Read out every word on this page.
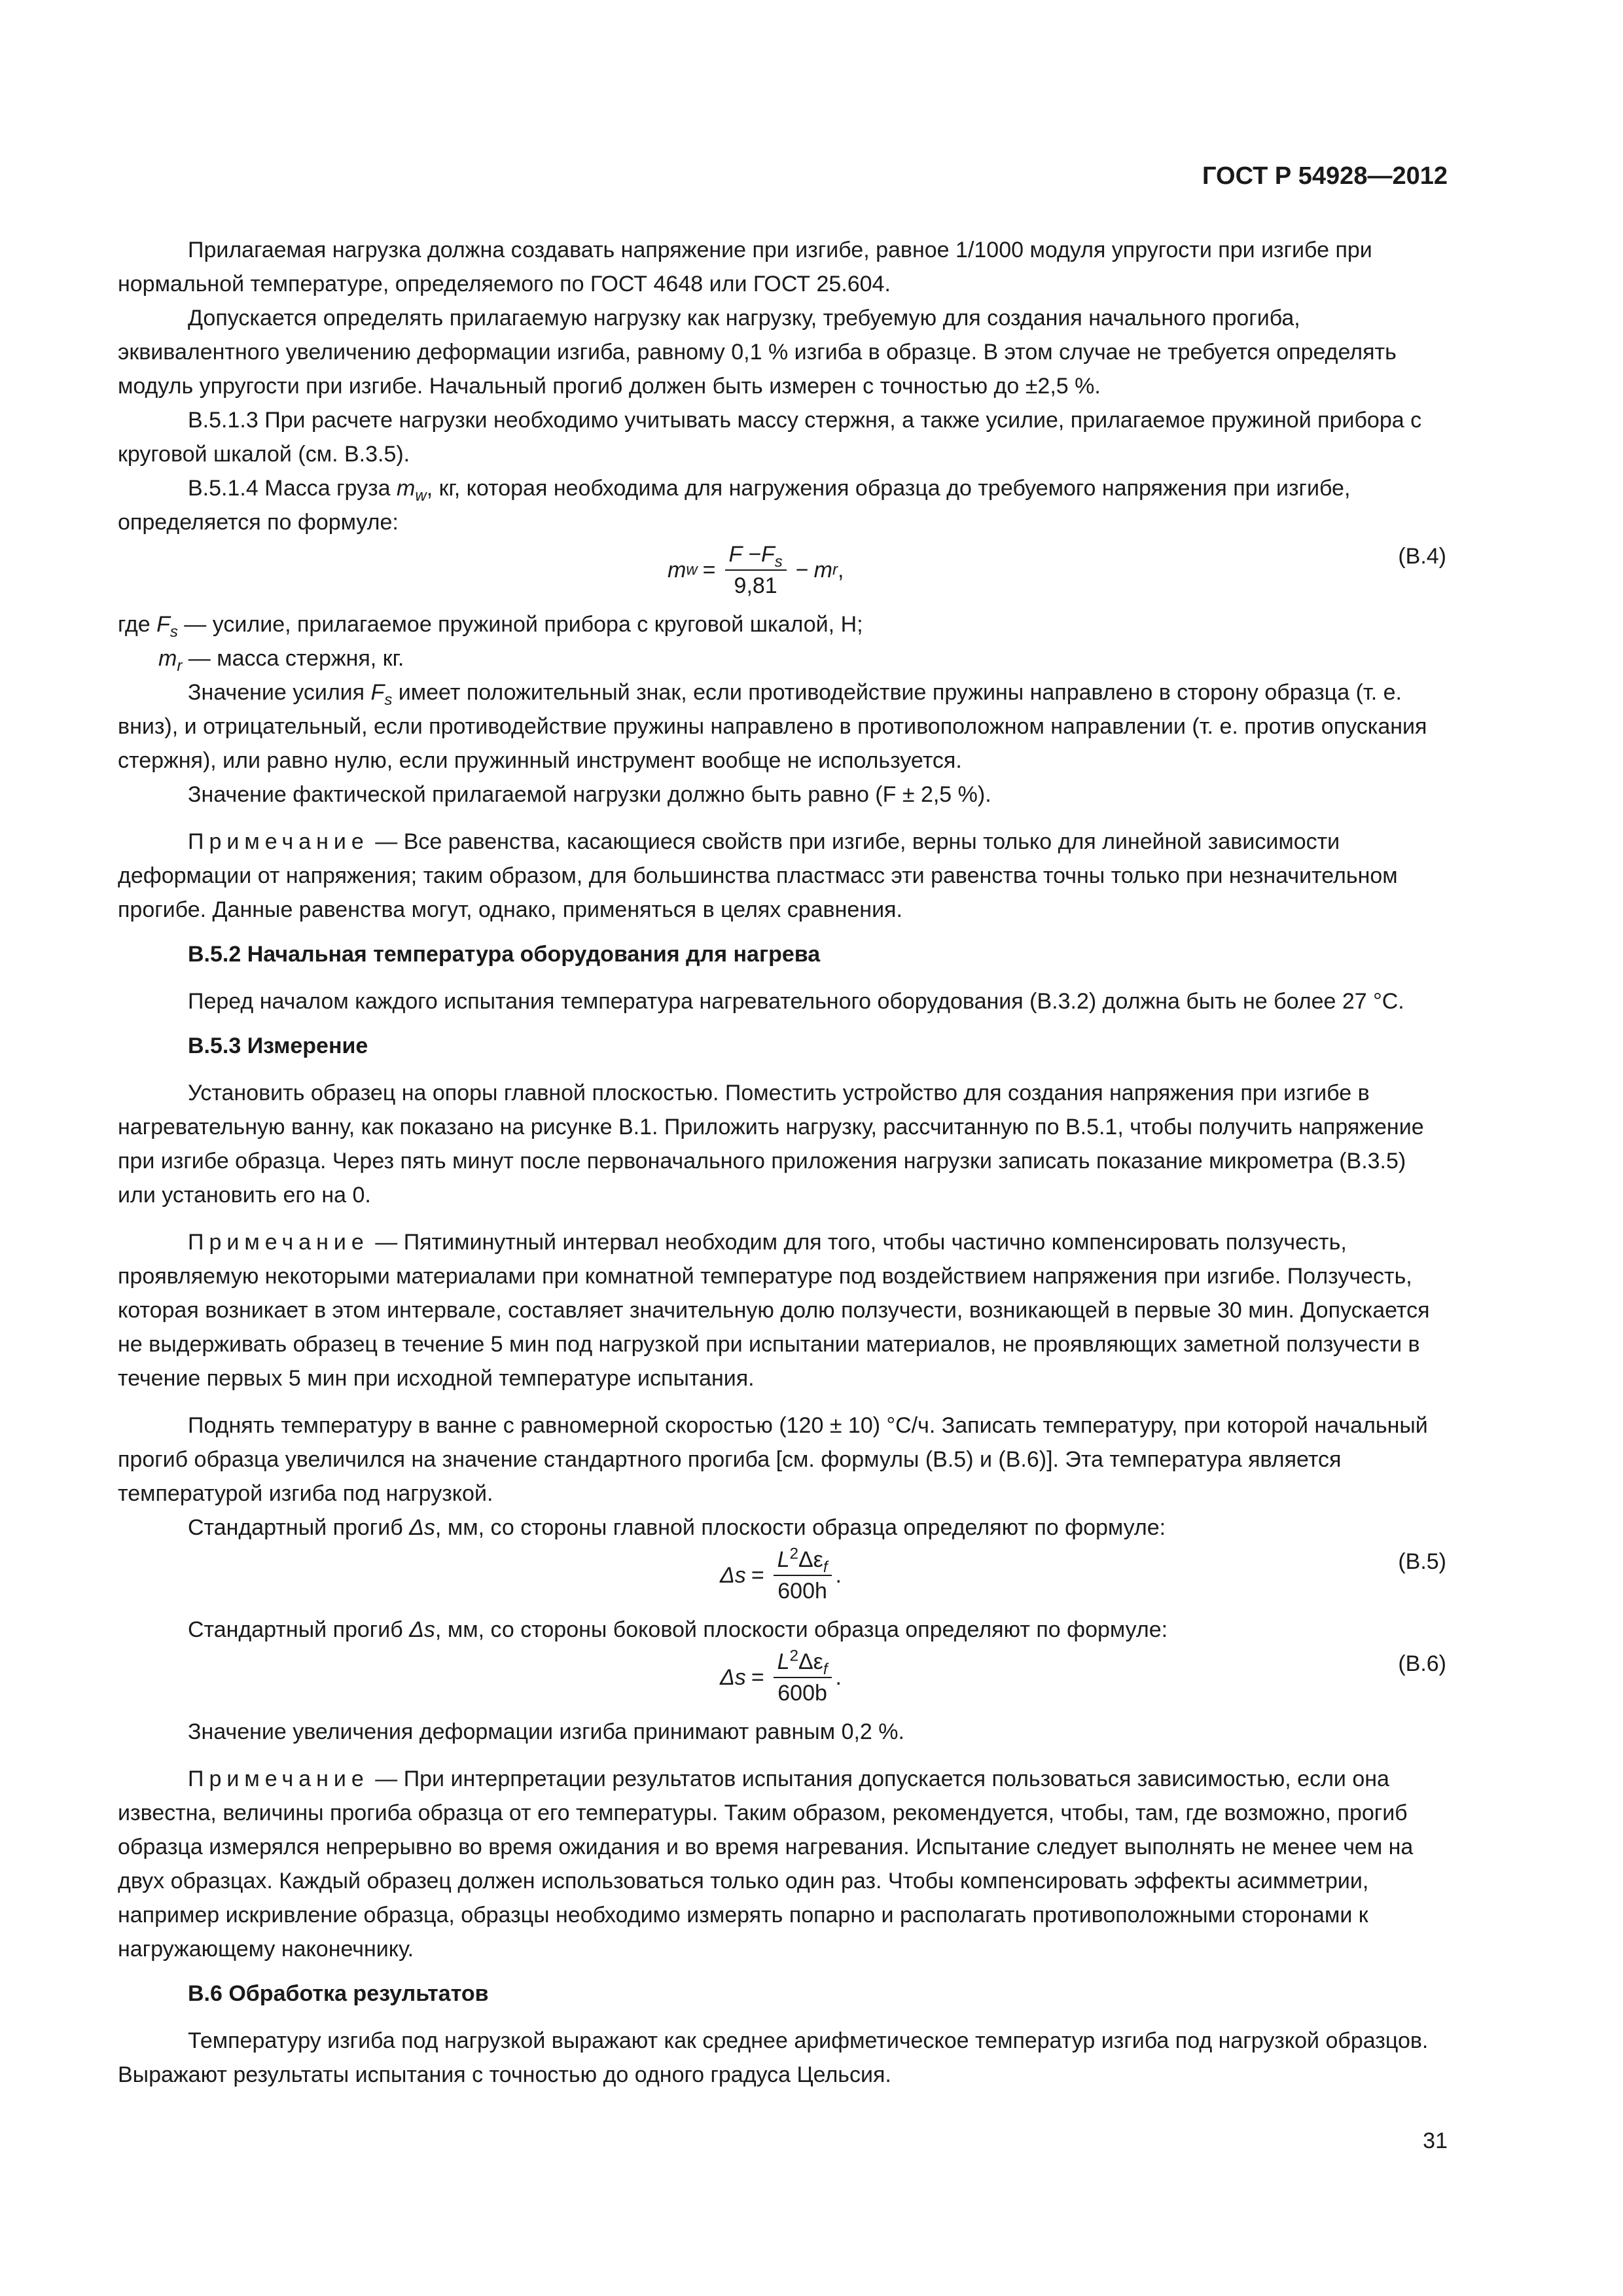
ГОСТ Р 54928—2012

Прилагаемая нагрузка должна создавать напряжение при изгибе, равное 1/1000 модуля упругости при изгибе при нормальной температуре, определяемого по ГОСТ 4648 или ГОСТ 25.604.

Допускается определять прилагаемую нагрузку как нагрузку, требуемую для создания начального прогиба, эквивалентного увеличению деформации изгиба, равному 0,1 % изгиба в образце. В этом случае не требуется определять модуль упругости при изгибе. Начальный прогиб должен быть измерен с точностью до ±2,5 %.

В.5.1.3 При расчете нагрузки необходимо учитывать массу стержня, а также усилие, прилагаемое пружиной прибора с круговой шкалой (см. В.3.5).

В.5.1.4 Масса груза $m_w$, кг, которая необходима для нагружения образца до требуемого напряжения при изгибе, определяется по формуле:

m $w = \frac{F -F_s}{9,81} - m$ r ,
(В.4)

где $F_s$ — усилие, прилагаемое пружиной прибора с круговой шкалой, Н;

$m_r$ — масса стержня, кг.

Значение усилия $F_s$ имеет положительный знак, если противодействие пружины направлено в сторону образца (т. е. вниз), и отрицательный, если противодействие пружины направлено в противоположном направлении (т. е. против опускания стержня), или равно нулю, если пружинный инструмент вообще не используется.

Значение фактической прилагаемой нагрузки должно быть равно (F ± 2,5 %).

Примечание — Все равенства, касающиеся свойств при изгибе, верны только для линейной зависимости деформации от напряжения; таким образом, для большинства пластмасс эти равенства точны только при незначительном прогибе. Данные равенства могут, однако, применяться в целях сравнения.

В.5.2 Начальная температура оборудования для нагрева

Перед началом каждого испытания температура нагревательного оборудования (В.3.2) должна быть не более 27 °С.

В.5.3 Измерение

Установить образец на опоры главной плоскостью. Поместить устройство для создания напряжения при изгибе в нагревательную ванну, как показано на рисунке В.1. Приложить нагрузку, рассчитанную по В.5.1, чтобы получить напряжение при изгибе образца. Через пять минут после первоначального приложения нагрузки записать показание микрометра (В.3.5) или установить его на 0.

Примечание — Пятиминутный интервал необходим для того, чтобы частично компенсировать ползучесть, проявляемую некоторыми материалами при комнатной температуре под воздействием напряжения при изгибе. Ползучесть, которая возникает в этом интервале, составляет значительную долю ползучести, возникающей в первые 30 мин. Допускается не выдерживать образец в течение 5 мин под нагрузкой при испытании материалов, не проявляющих заметной ползучести в течение первых 5 мин при исходной температуре испытания.

Поднять температуру в ванне с равномерной скоростью (120 ± 10) °С/ч. Записать температуру, при которой начальный прогиб образца увеличился на значение стандартного прогиба [см. формулы (В.5) и (В.6)]. Эта температура является температурой изгиба под нагрузкой.

Стандартный прогиб Δs, мм, со стороны главной плоскости образца определяют по формуле:

$\Delta s = \frac{L^2\Delta\varepsilon_f}{600h}$ .
(В.5)

Стандартный прогиб Δs, мм, со стороны боковой плоскости образца определяют по формуле:

$\Delta s = \frac{L^2\Delta\varepsilon_f}{600b}$ .
(В.6)

Значение увеличения деформации изгиба принимают равным 0,2 %.

Примечание — При интерпретации результатов испытания допускается пользоваться зависимостью, если она известна, величины прогиба образца от его температуры. Таким образом, рекомендуется, чтобы, там, где возможно, прогиб образца измерялся непрерывно во время ожидания и во время нагревания. Испытание следует выполнять не менее чем на двух образцах. Каждый образец должен использоваться только один раз. Чтобы компенсировать эффекты асимметрии, например искривление образца, образцы необходимо измерять попарно и располагать противоположными сторонами к нагружающему наконечнику.

В.6 Обработка результатов

Температуру изгиба под нагрузкой выражают как среднее арифметическое температур изгиба под нагрузкой образцов. Выражают результаты испытания с точностью до одного градуса Цельсия.

31
